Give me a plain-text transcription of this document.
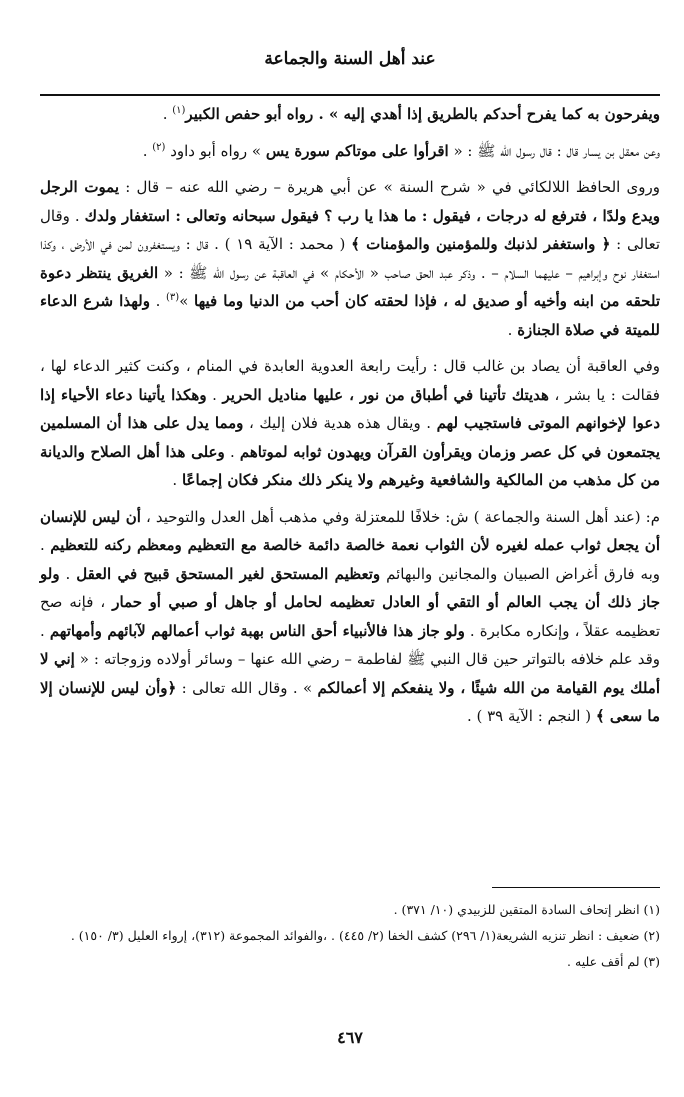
عند أهل السنة والجماعة

ويفرحون به كما يفرح أحدكم بالطريق إذا أهدي إليه » . رواه أبو حفص الكبير$^{(١)}$ .

وعن معقل بن يسار قال : قال رسول الله ﷺ : « اقرأوا على موتاكم سورة يس » رواه أبو داود $^{(٢)}$ .

وروى الحافظ اللالكائي في « شرح السنة » عن أبي هريرة – رضي الله عنه – قال : يموت الرجل ويدع ولدًا ، فترفع له درجات ، فيقول : ما هذا يا رب ؟ فيقول سبحانه وتعالى : استغفار ولدك . وقال تعالى : ﴿ واستغفر لذنبك وللمؤمنين والمؤمنات ﴾ ( محمد : الآية ١٩ ) . قال : ويستغفرون لمن في الأرض ، وكذا استغفار نوح وإبراهيم – عليهما السلام – . وذكر عبد الحق صاحب « الأحكام » في العاقبة عن رسول الله ﷺ : « الغريق ينتظر دعوة تلحقه من ابنه وأخيه أو صديق له ، فإذا لحقته كان أحب من الدنيا وما فيها »$^{(٣)}$ . ولهذا شرع الدعاء للميتة في صلاة الجنازة .

وفي العاقبة أن يصاد بن غالب قال : رأيت رابعة العدوية العابدة في المنام ، وكنت كثير الدعاء لها ، فقالت : يا بشر ، هديتك تأتينا في أطباق من نور ، عليها مناديل الحرير . وهكذا يأتينا دعاء الأحياء إذا دعوا لإخوانهم الموتى فاستجيب لهم . ويقال هذه هدية فلان إليك ، ومما يدل على هذا أن المسلمين يجتمعون في كل عصر وزمان ويقرأون القرآن ويهدون ثوابه لموتاهم . وعلى هذا أهل الصلاح والديانة من كل مذهب من المالكية والشافعية وغيرهم ولا ينكر ذلك منكر فكان إجماعًا .

م: (عند أهل السنة والجماعة ) ش: خلافًا للمعتزلة وفي مذهب أهل العدل والتوحيد ، أن ليس للإنسان أن يجعل ثواب عمله لغيره لأن الثواب نعمة خالصة دائمة خالصة مع التعظيم ومعظم ركنه للتعظيم . وبه فارق أغراض الصبيان والمجانين والبهائم وتعظيم المستحق لغير المستحق قبيح في العقل . ولو جاز ذلك أن يجب العالم أو التقي أو العادل تعظيمه لحامل أو جاهل أو صبي أو حمار ، فإنه صح تعظيمه عقلاً ، وإنكاره مكابرة . ولو جاز هذا فالأنبياء أحق الناس بهبة ثواب أعمالهم لآبائهم وأمهاتهم . وقد علم خلافه بالتواتر حين قال النبي ﷺ لفاطمة – رضي الله عنها – وسائر أولاده وزوجاته : « إني لا أملك يوم القيامة من الله شيئًا ، ولا ينفعكم إلا أعمالكم » . وقال الله تعالى : ﴿وأن ليس للإنسان إلا ما سعى ﴾ ( النجم : الآية ٣٩ ) .

(١) انظر إتحاف السادة المتقين للزبيدي (١٠/ ٣٧١) .

(٢) ضعيف : انظر تنزيه الشريعة(١/ ٢٩٦) كشف الخفا (٢/ ٤٤٥) . ،والفوائد المجموعة (٣١٢)، إرواء العليل (٣/ ١٥٠) .

(٣) لم أقف عليه .

٤٦٧
